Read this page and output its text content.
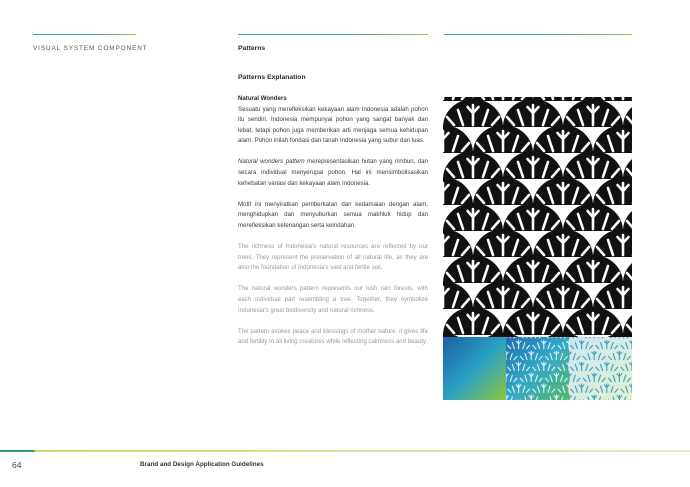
VISUAL SYSTEM COMPONENT	Patterns
Patterns Explanation

Natural Wonders
Sesuatu yang merefleksikan kekayaan alam Indonesia adalah pohon itu sendiri. Indonesia mempunyai pohon yang sangat banyak dan lebat, tetapi pohon juga memberikan arti menjaga semua kehidupan alam. Pohon inilah fondasi dari tanah Indonesia yang subur dan luas.

Natural wonders pattern merepresentasikan hutan yang rimbun, dan secara individual menyerupai pohon. Hal ini mensimbolisasikan kehebatan variasi dan kekayaan alam Indonesia.

Motif ini menyiratkan pemberkatan dan kedamaian dengan alam, menghidupkan dan menyuburkan semua makhluk hidup dan merefleksikan ketenangan serta keindahan.

The richness of Indonesia's natural resources are reflected by our trees. They represent the preservation of all natural life, as they are also the foundation of Indonesia's vast and fertile soil.

The natural wonders pattern represents our lush rain forests, with each individual part resembling a tree. Together, they symbolize Indonesia's great biodiversity and natural richness.

The pattern evokes peace and blessings of mother nature: it gives life and fertility to all living creatures while reflecting calmness and beauty.

64	Brand and Design Application Guidelines
